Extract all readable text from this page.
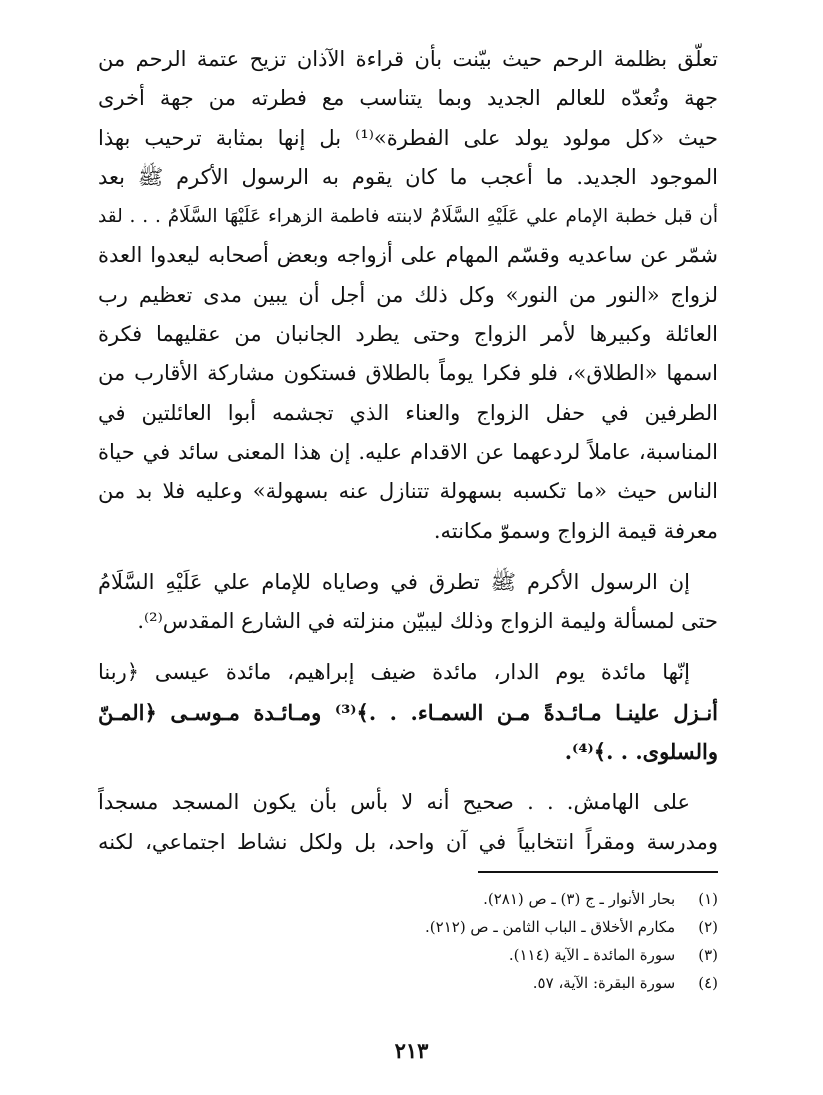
تعلّق بظلمة الرحم حيث بيّنت بأن قراءة الآذان تزيح عتمة الرحم من
جهة وتُعدّه للعالم الجديد وبما يتناسب مع فطرته من جهة أخرى
حيث «كل مولود يولد على الفطرة»⁽¹⁾ بل إنها بمثابة ترحيب بهذا
الموجود الجديد. ما أعجب ما كان يقوم به الرسول الأكرم ﷺ بعد
أن قبل خطبة الإمام علي عَلَيْهِ السَّلَامُ لابنته فاطمة الزهراء عَلَيْهَا السَّلَامُ . . . لقد
شمّر عن ساعديه وقسّم المهام على أزواجه وبعض أصحابه ليعدوا العدة
لزواج «النور من النور» وكل ذلك من أجل أن يبين مدى تعظيم رب
العائلة وكبيرها لأمر الزواج وحتى يطرد الجانبان من عقليهما فكرة
اسمها «الطلاق»، فلو فكرا يوماً بالطلاق فستكون مشاركة الأقارب من
الطرفين في حفل الزواج والعناء الذي تجشمه أبوا العائلتين في
المناسبة، عاملاً لردعهما عن الاقدام عليه. إن هذا المعنى سائد في حياة
الناس حيث «ما تكسبه بسهولة تتنازل عنه بسهولة» وعليه فلا بد من
معرفة قيمة الزواج وسموّ مكانته.

إن الرسول الأكرم ﷺ تطرق في وصاياه للإمام علي عَلَيْهِ السَّلَامُ
حتى لمسألة وليمة الزواج وذلك ليبيّن منزلته في الشارع المقدس⁽²⁾.

إنّها مائدة يوم الدار، مائدة ضيف إبراهيم، مائدة عيسى ﴿ربنا
أنـزل علينـا مـائـدةً مـن السمـاء. . .﴾⁽³⁾ ومـائـدة مـوسـى ﴿المـنّ
والسلوى. . .﴾⁽⁴⁾.

على الهامش. . . صحيح أنه لا بأس بأن يكون المسجد مسجداً
ومدرسة ومقراً انتخابياً في آن واحد، بل ولكل نشاط اجتماعي، لكنه

(١) بحار الأنوار ـ ج (٣) ـ ص (٢٨١).
(٢) مكارم الأخلاق ـ الباب الثامن ـ ص (٢١٢).
(٣) سورة المائدة ـ الآية (١١٤).
(٤) سورة البقرة: الآية، ٥٧.
٢١٣
